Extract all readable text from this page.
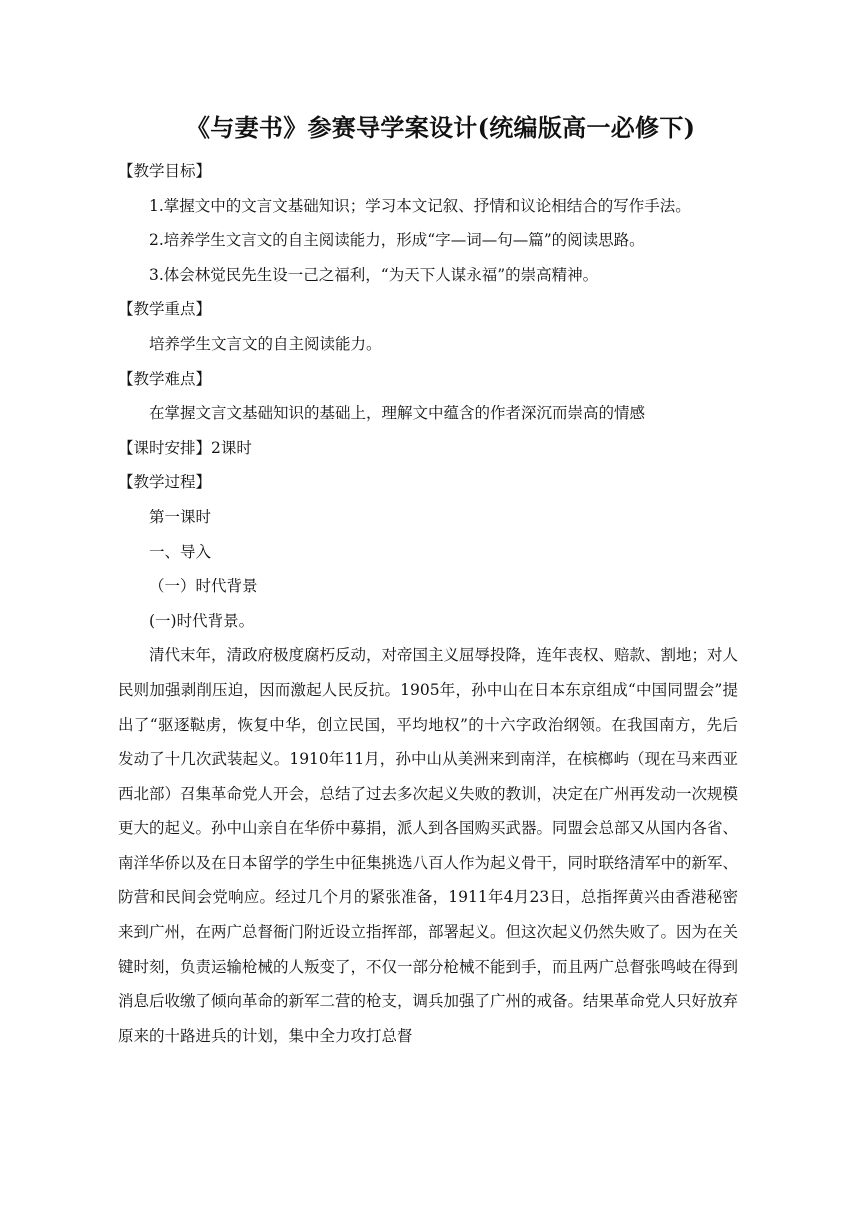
《与妻书》参赛导学案设计(统编版高一必修下)

【教学目标】

1.掌握文中的文言文基础知识；学习本文记叙、抒情和议论相结合的写作手法。

2.培养学生文言文的自主阅读能力，形成“字—词—句—篇”的阅读思路。

3.体会林觉民先生设一己之福利，“为天下人谋永福”的崇高精神。

【教学重点】

培养学生文言文的自主阅读能力。

【教学难点】

在掌握文言文基础知识的基础上，理解文中蕴含的作者深沉而崇高的情感

【课时安排】2课时

【教学过程】

第一课时

一、导入

（一）时代背景

(一)时代背景。

清代末年，清政府极度腐朽反动，对帝国主义屈辱投降，连年丧权、赔款、割地；对人民则加强剥削压迫，因而激起人民反抗。1905年，孙中山在日本东京组成“中国同盟会”提出了“驱逐鞑虏，恢复中华，创立民国，平均地权”的十六字政治纲领。在我国南方，先后发动了十几次武装起义。1910年11月，孙中山从美洲来到南洋，在槟榔屿（现在马来西亚西北部）召集革命党人开会，总结了过去多次起义失败的教训，决定在广州再发动一次规模更大的起义。孙中山亲自在华侨中募捐，派人到各国购买武器。同盟会总部又从国内各省、南洋华侨以及在日本留学的学生中征集挑选八百人作为起义骨干，同时联络清军中的新军、防营和民间会党响应。经过几个月的紧张准备，1911年4月23日，总指挥黄兴由香港秘密来到广州，在两广总督衙门附近设立指挥部，部署起义。但这次起义仍然失败了。因为在关键时刻，负责运输枪械的人叛变了，不仅一部分枪械不能到手，而且两广总督张鸣岐在得到消息后收缴了倾向革命的新军二营的枪支，调兵加强了广州的戒备。结果革命党人只好放弃原来的十路进兵的计划，集中全力攻打总督
